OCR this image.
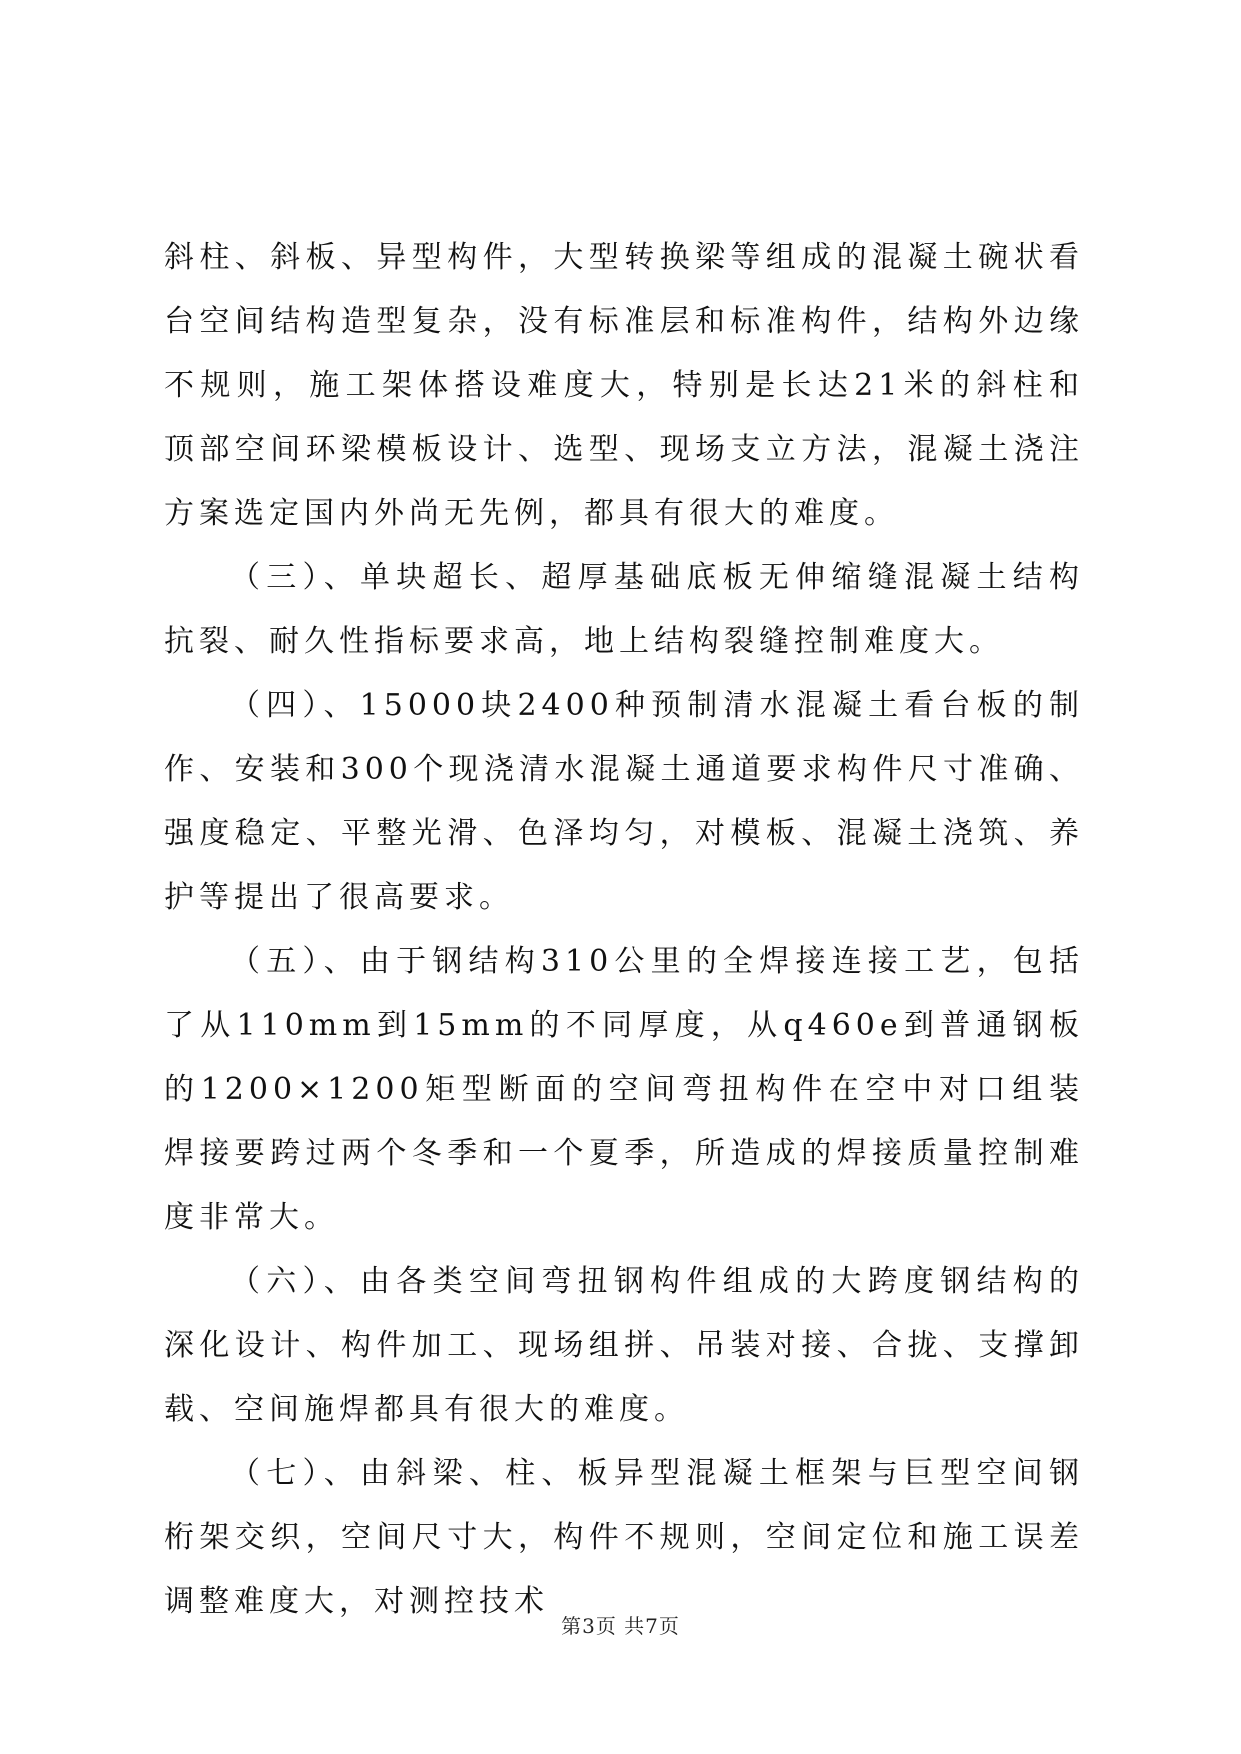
斜柱、斜板、异型构件，大型转换梁等组成的混凝土碗状看台空间结构造型复杂，没有标准层和标准构件，结构外边缘不规则，施工架体搭设难度大，特别是长达21米的斜柱和顶部空间环梁模板设计、选型、现场支立方法，混凝土浇注方案选定国内外尚无先例，都具有很大的难度。

（三）、单块超长、超厚基础底板无伸缩缝混凝土结构抗裂、耐久性指标要求高，地上结构裂缝控制难度大。

（四）、15000块2400种预制清水混凝土看台板的制作、安装和300个现浇清水混凝土通道要求构件尺寸准确、强度稳定、平整光滑、色泽均匀，对模板、混凝土浇筑、养护等提出了很高要求。

（五）、由于钢结构310公里的全焊接连接工艺，包括了从110mm到15mm的不同厚度，从q460e到普通钢板的1200×1200矩型断面的空间弯扭构件在空中对口组装焊接要跨过两个冬季和一个夏季，所造成的焊接质量控制难度非常大。

（六）、由各类空间弯扭钢构件组成的大跨度钢结构的深化设计、构件加工、现场组拼、吊装对接、合拢、支撑卸载、空间施焊都具有很大的难度。

（七）、由斜梁、柱、板异型混凝土框架与巨型空间钢桁架交织，空间尺寸大，构件不规则，空间定位和施工误差调整难度大，对测控技术

第3页 共7页
